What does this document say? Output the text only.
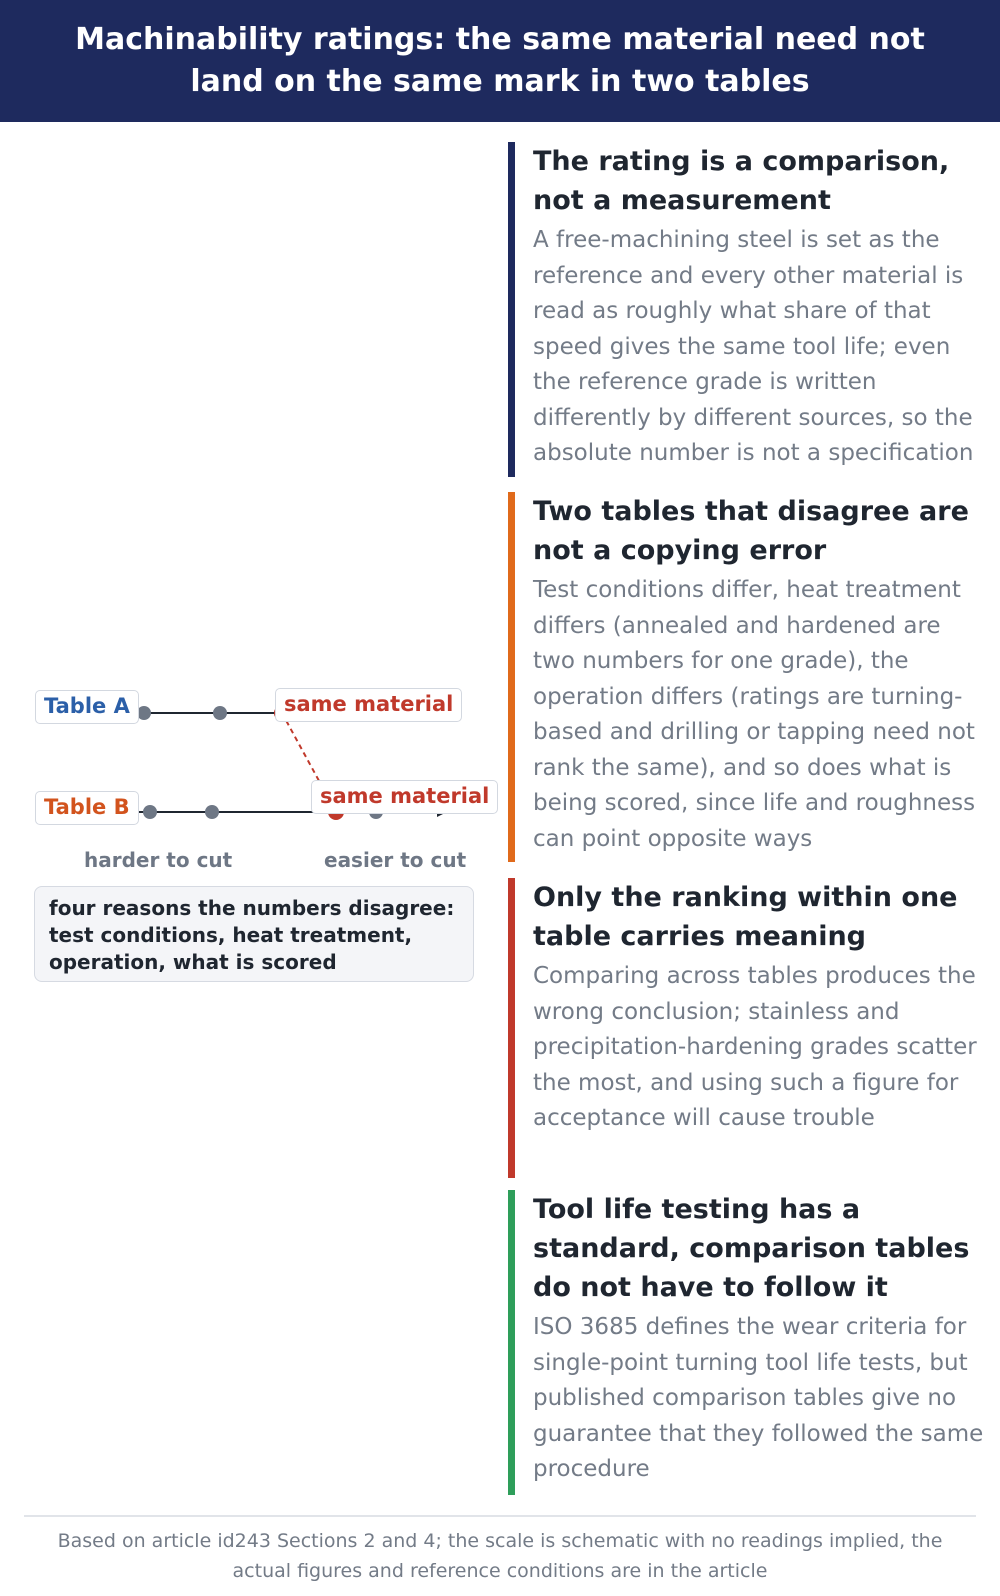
Machinability ratings: the same material need not land on the same mark in two tables
Table A
Table B
same material
same material
harder to cut	easier to cut
four reasons the numbers disagree: test conditions, heat treatment, operation, what is scored
The rating is a comparison, not a measurement

A free-machining steel is set as the reference and every other material is read as roughly what share of that speed gives the same tool life; even the reference grade is written differently by different sources, so the absolute number is not a specification

Two tables that disagree are not a copying error

Test conditions differ, heat treatment differs (annealed and hardened are two numbers for one grade), the operation differs (ratings are turning-based and drilling or tapping need not rank the same), and so does what is being scored, since life and roughness can point opposite ways

Only the ranking within one table carries meaning

Comparing across tables produces the wrong conclusion; stainless and precipitation-hardening grades scatter the most, and using such a figure for acceptance will cause trouble

Tool life testing has a standard, comparison tables do not have to follow it

ISO 3685 defines the wear criteria for single-point turning tool life tests, but published comparison tables give no guarantee that they followed the same procedure

Based on article id243 Sections 2 and 4; the scale is schematic with no readings implied, the actual figures and reference conditions are in the article
